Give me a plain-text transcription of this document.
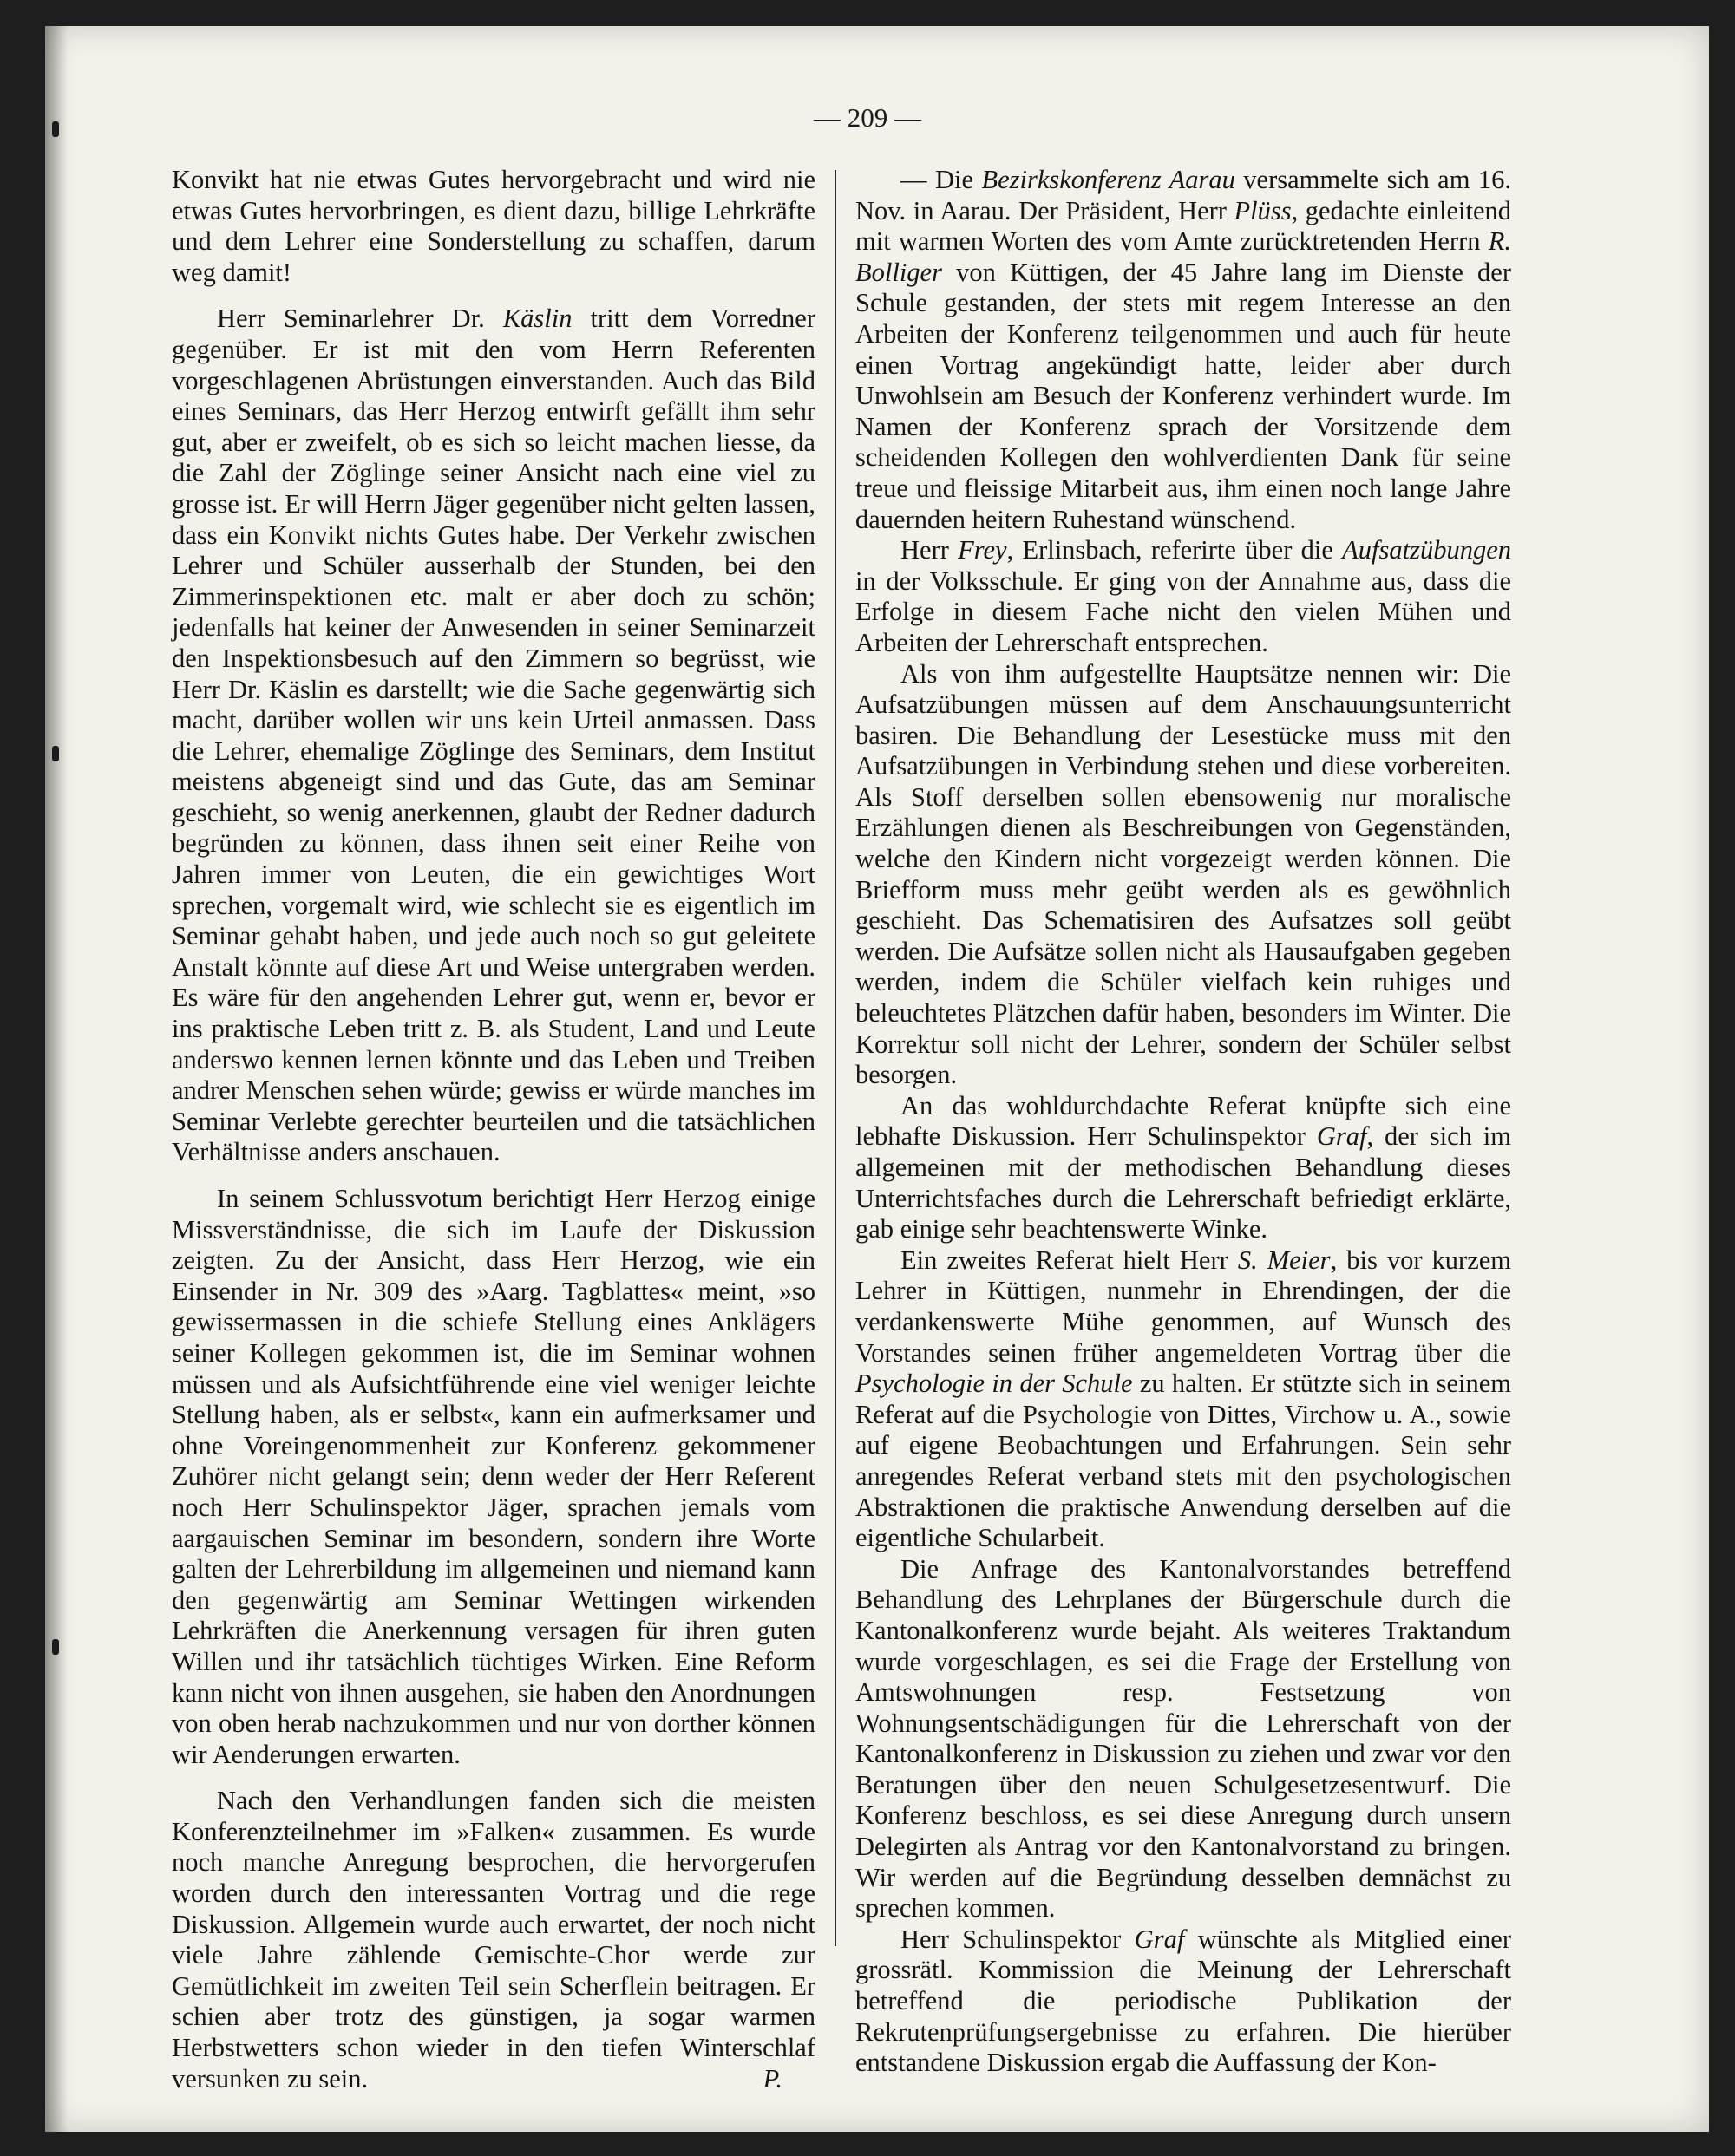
— 209 —

Konvikt hat nie etwas Gutes hervorgebracht und wird nie etwas Gutes hervorbringen, es dient dazu, billige Lehrkräfte und dem Lehrer eine Sonderstellung zu schaffen, darum weg damit!

Herr Seminarlehrer Dr. Käslin tritt dem Vorredner gegenüber. Er ist mit den vom Herrn Referenten vorgeschlagenen Abrüstungen einverstanden. Auch das Bild eines Seminars, das Herr Herzog entwirft gefällt ihm sehr gut, aber er zweifelt, ob es sich so leicht machen liesse, da die Zahl der Zöglinge seiner Ansicht nach eine viel zu grosse ist. Er will Herrn Jäger gegenüber nicht gelten lassen, dass ein Konvikt nichts Gutes habe. Der Verkehr zwischen Lehrer und Schüler ausserhalb der Stunden, bei den Zimmerinspektionen etc. malt er aber doch zu schön; jedenfalls hat keiner der Anwesenden in seiner Seminarzeit den Inspektionsbesuch auf den Zimmern so begrüsst, wie Herr Dr. Käslin es darstellt; wie die Sache gegenwärtig sich macht, darüber wollen wir uns kein Urteil anmassen. Dass die Lehrer, ehemalige Zöglinge des Seminars, dem Institut meistens abgeneigt sind und das Gute, das am Seminar geschieht, so wenig anerkennen, glaubt der Redner dadurch begründen zu können, dass ihnen seit einer Reihe von Jahren immer von Leuten, die ein gewichtiges Wort sprechen, vorgemalt wird, wie schlecht sie es eigentlich im Seminar gehabt haben, und jede auch noch so gut geleitete Anstalt könnte auf diese Art und Weise untergraben werden. Es wäre für den angehenden Lehrer gut, wenn er, bevor er ins praktische Leben tritt z. B. als Student, Land und Leute anderswo kennen lernen könnte und das Leben und Treiben andrer Menschen sehen würde; gewiss er würde manches im Seminar Verlebte gerechter beurteilen und die tatsächlichen Verhältnisse anders anschauen.

In seinem Schlussvotum berichtigt Herr Herzog einige Missverständnisse, die sich im Laufe der Diskussion zeigten. Zu der Ansicht, dass Herr Herzog, wie ein Einsender in Nr. 309 des »Aarg. Tagblattes« meint, »so gewissermassen in die schiefe Stellung eines Anklägers seiner Kollegen gekommen ist, die im Seminar wohnen müssen und als Aufsichtführende eine viel weniger leichte Stellung haben, als er selbst«, kann ein aufmerksamer und ohne Voreingenommenheit zur Konferenz gekommener Zuhörer nicht gelangt sein; denn weder der Herr Referent noch Herr Schulinspektor Jäger, sprachen jemals vom aargauischen Seminar im besondern, sondern ihre Worte galten der Lehrerbildung im allgemeinen und niemand kann den gegenwärtig am Seminar Wettingen wirkenden Lehrkräften die Anerkennung versagen für ihren guten Willen und ihr tatsächlich tüchtiges Wirken. Eine Reform kann nicht von ihnen ausgehen, sie haben den Anordnungen von oben herab nachzukommen und nur von dorther können wir Aenderungen erwarten.

Nach den Verhandlungen fanden sich die meisten Konferenzteilnehmer im »Falken« zusammen. Es wurde noch manche Anregung besprochen, die hervorgerufen worden durch den interessanten Vortrag und die rege Diskussion. Allgemein wurde auch erwartet, der noch nicht viele Jahre zählende Gemischte-Chor werde zur Gemütlichkeit im zweiten Teil sein Scherflein beitragen. Er schien aber trotz des günstigen, ja sogar warmen Herbstwetters schon wieder in den tiefen Winterschlaf versunken zu sein.	P.

— Die Bezirkskonferenz Aarau versammelte sich am 16. Nov. in Aarau. Der Präsident, Herr Plüss, gedachte einleitend mit warmen Worten des vom Amte zurücktretenden Herrn R. Bolliger von Küttigen, der 45 Jahre lang im Dienste der Schule gestanden, der stets mit regem Interesse an den Arbeiten der Konferenz teilgenommen und auch für heute einen Vortrag angekündigt hatte, leider aber durch Unwohlsein am Besuch der Konferenz verhindert wurde. Im Namen der Konferenz sprach der Vorsitzende dem scheidenden Kollegen den wohlverdienten Dank für seine treue und fleissige Mitarbeit aus, ihm einen noch lange Jahre dauernden heitern Ruhestand wünschend.

Herr Frey, Erlinsbach, referirte über die Aufsatzübungen in der Volksschule. Er ging von der Annahme aus, dass die Erfolge in diesem Fache nicht den vielen Mühen und Arbeiten der Lehrerschaft entsprechen.

Als von ihm aufgestellte Hauptsätze nennen wir: Die Aufsatzübungen müssen auf dem Anschauungsunterricht basiren. Die Behandlung der Lesestücke muss mit den Aufsatzübungen in Verbindung stehen und diese vorbereiten. Als Stoff derselben sollen ebensowenig nur moralische Erzählungen dienen als Beschreibungen von Gegenständen, welche den Kindern nicht vorgezeigt werden können. Die Briefform muss mehr geübt werden als es gewöhnlich geschieht. Das Schematisiren des Aufsatzes soll geübt werden. Die Aufsätze sollen nicht als Hausaufgaben gegeben werden, indem die Schüler vielfach kein ruhiges und beleuchtetes Plätzchen dafür haben, besonders im Winter. Die Korrektur soll nicht der Lehrer, sondern der Schüler selbst besorgen.

An das wohldurchdachte Referat knüpfte sich eine lebhafte Diskussion. Herr Schulinspektor Graf, der sich im allgemeinen mit der methodischen Behandlung dieses Unterrichtsfaches durch die Lehrerschaft befriedigt erklärte, gab einige sehr beachtenswerte Winke.

Ein zweites Referat hielt Herr S. Meier, bis vor kurzem Lehrer in Küttigen, nunmehr in Ehrendingen, der die verdankenswerte Mühe genommen, auf Wunsch des Vorstandes seinen früher angemeldeten Vortrag über die Psychologie in der Schule zu halten. Er stützte sich in seinem Referat auf die Psychologie von Dittes, Virchow u. A., sowie auf eigene Beobachtungen und Erfahrungen. Sein sehr anregendes Referat verband stets mit den psychologischen Abstraktionen die praktische Anwendung derselben auf die eigentliche Schularbeit.

Die Anfrage des Kantonalvorstandes betreffend Behandlung des Lehrplanes der Bürgerschule durch die Kantonalkonferenz wurde bejaht. Als weiteres Traktandum wurde vorgeschlagen, es sei die Frage der Erstellung von Amtswohnungen resp. Festsetzung von Wohnungsentschädigungen für die Lehrerschaft von der Kantonalkonferenz in Diskussion zu ziehen und zwar vor den Beratungen über den neuen Schulgesetzesentwurf. Die Konferenz beschloss, es sei diese Anregung durch unsern Delegirten als Antrag vor den Kantonalvorstand zu bringen. Wir werden auf die Begründung desselben demnächst zu sprechen kommen.

Herr Schulinspektor Graf wünschte als Mitglied einer grossrätl. Kommission die Meinung der Lehrerschaft betreffend die periodische Publikation der Rekrutenprüfungsergebnisse zu erfahren. Die hierüber entstandene Diskussion ergab die Auffassung der Kon-
